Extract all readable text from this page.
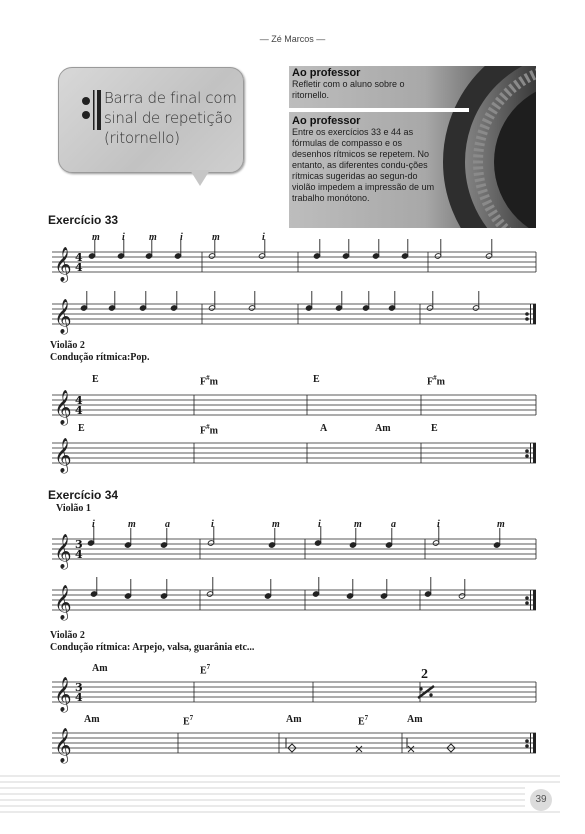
— Zé Marcos —
Barra de final com sinal de repetição (ritornello)
Ao professor
Refletir com o aluno sobre o ritornello.
Ao professor
Entre os exercícios 33 e 44 as fórmulas de compasso e os desenhos rítmicos se repetem. No entanto, as diferentes condu-ções rítmicas sugeridas ao segun-do violão impedem a impressão de um trabalho monótono.
Exercício 33
m i m i	m	i
𝄞
𝄞
𝄞
𝄞
𝄞
𝄞
𝄞
𝄞
4
4
4
4
3
4
3
4
Violão 2
Condução rítmica:Pop.
E	F#m	E	F#m
E	F#m	A	Am	E
Exercício 34
Violão 1
i	m	a	i	m	i	m	a	i	m
Violão 2
Condução rítmica: Arpejo, valsa, guarânia etc...
Am	$E^7$	2
Am	$E^7$	Am	$E^7$	Am
39
